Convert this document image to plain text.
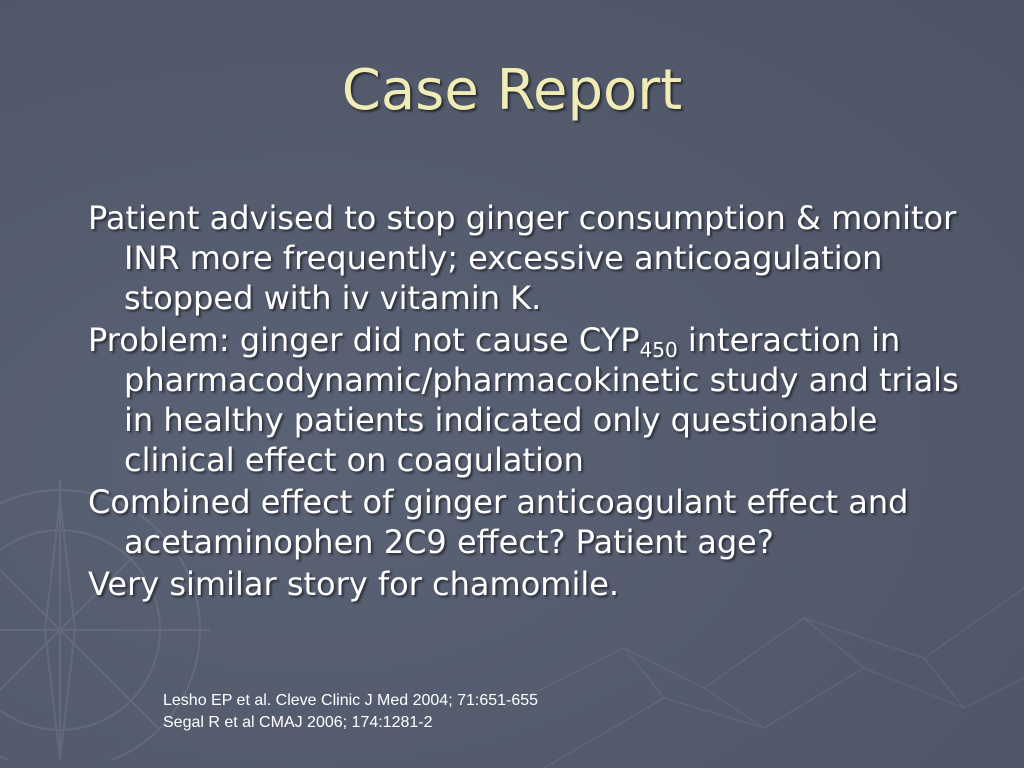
Case Report
Patient advised to stop ginger consumption & monitor INR more frequently; excessive anticoagulation stopped with iv vitamin K.
Problem: ginger did not cause $CYP_{450}$ interaction in pharmacodynamic/pharmacokinetic study and trials in healthy patients indicated only questionable clinical effect on coagulation
Combined effect of ginger anticoagulant effect and acetaminophen 2C9 effect? Patient age?
Very similar story for chamomile.
Lesho EP et al. Cleve Clinic J Med 2004; 71:651-655
Segal R et al CMAJ 2006; 174:1281-2
